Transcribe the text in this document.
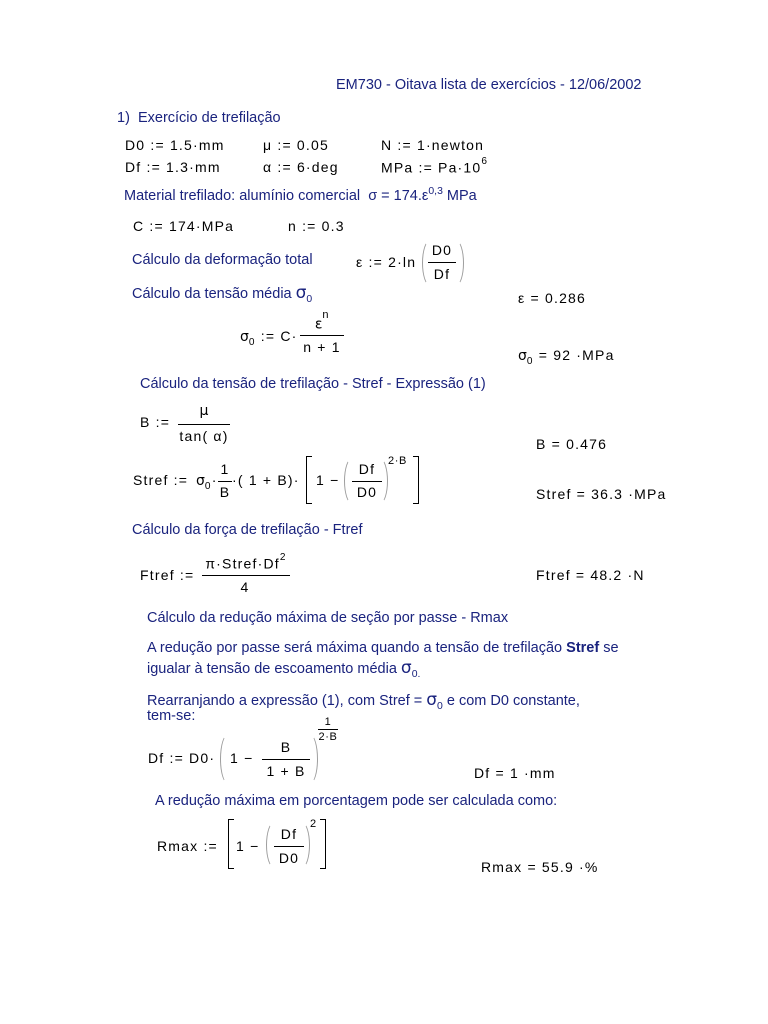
EM730 - Oitava lista de exercícios - 12/06/2002
1) Exercício de trefilação
D0 := 1.5·mm
Df := 1.3·mm
μ := 0.05
α := 6·deg
N := 1·newton
MPa := $Pa\cdot 10^6$
Material trefilado: alumínio comercial $\sigma = 174.\varepsilon^{0,3}$ MPa
C := 174·MPa	n := 0.3
Cálculo da deformação total	ε := 2·ln
D0
Df
ε = 0.286
Cálculo da tensão média $\sigma_0$
$\sigma_0$ := C·
$\varepsilon^n$
n + 1
$\sigma_0 = 92 \cdot MPa$
Cálculo da tensão de trefilação - Stref - Expressão (1)
B :=
μ
tan( α)	B = 0.476
Stref := $\sigma_0\cdot$
1
B
·( 1 + B)· 1 −
Df
D0
2·B
Stref = 36.3 ·MPa
Cálculo da força de trefilação - Ftref
Ftref :=
$\pi\cdot Stref\cdot Df^2$
4
Ftref = 48.2 ·N
Cálculo da redução máxima de seção por passe - Rmax
A redução por passe será máxima quando a tensão de trefilação Stref se
igualar à tensão de escoamento média $\sigma_{0.}$
Rearranjando a expressão (1), com Stref = $\sigma_0$ e com D0 constante,
tem-se:
Df := D0· 1 −
B
1 + B
1
2·B
Df = 1 ·mm
A redução máxima em porcentagem pode ser calculada como:
Rmax := 1 −
Df
D0
2
Rmax = 55.9 ·%
